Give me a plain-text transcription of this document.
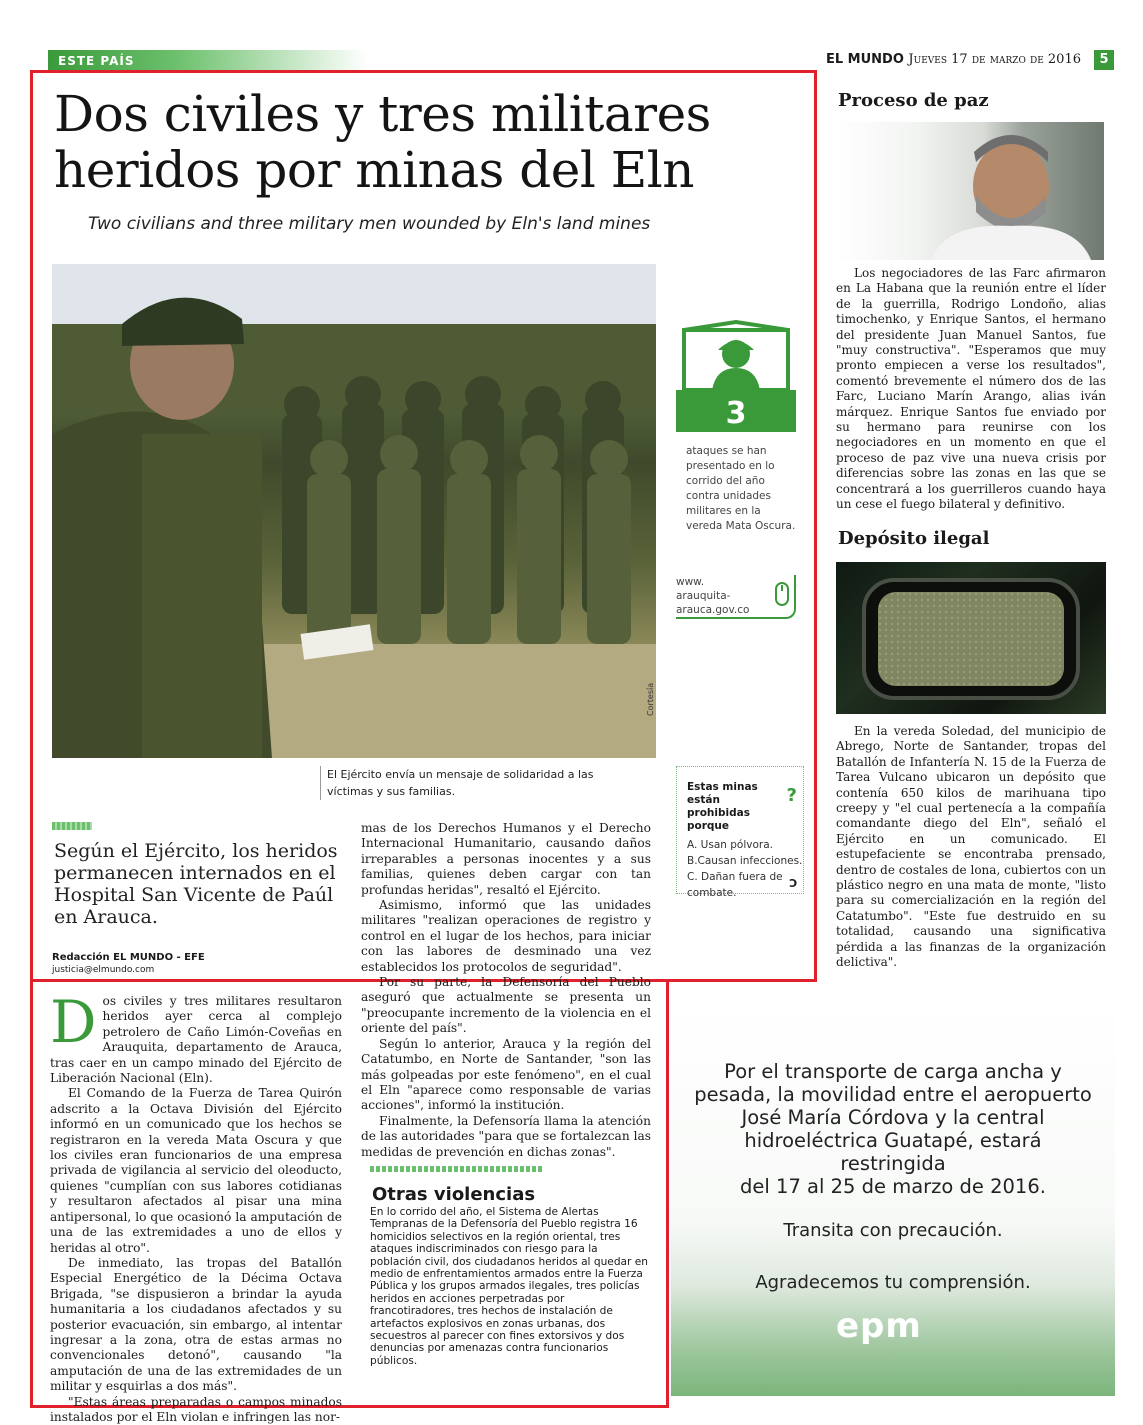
ESTE PAÍS	EL MUNDO Jueves 17 de marzo de 2016	5
Dos civiles y tres militares
heridos por minas del Eln
Two civilians and three military men wounded by Eln's land mines
Cortesía
El Ejército envía un mensaje de solidaridad a las víctimas y sus familias.
3
ataques se han presentado en lo corrido del año contra unidades militares en la vereda Mata Oscura.
www. arauquita- arauca.gov.co
?
Estas minas están prohibidas porque

A. Usan pólvora.

B.Causan infecciones.

C. Dañan fuera de combate.

C
Según el Ejército, los heridos permanecen internados en el Hospital San Vicente de Paúl en Arauca.
Redacción EL MUNDO - EFE
justicia@elmundo.com

Dos civiles y tres militares resultaron heridos ayer cerca al complejo petrolero de Caño Limón-Coveñas en Arauquita, departamento de Arauca, tras caer en un campo minado del Ejército de Liberación Nacional (Eln).

El Comando de la Fuerza de Tarea Quirón adscrito a la Octava División del Ejército informó en un comunicado que los hechos se registraron en la vereda Mata Oscura y que los civiles eran funcionarios de una empresa privada de vigilancia al servicio del oleoducto, quienes "cumplían con sus labores cotidianas y resultaron afectados al pisar una mina antipersonal, lo que ocasionó la amputación de una de las extremidades a uno de ellos y heridas al otro".

De inmediato, las tropas del Batallón Especial Energético de la Décima Octava Brigada, "se dispusieron a brindar la ayuda humanitaria a los ciudadanos afectados y su posterior evacuación, sin embargo, al intentar ingresar a la zona, otra de estas armas no convencionales detonó", causando "la amputación de una de las extremidades de un militar y esquirlas a dos más".

"Estas áreas preparadas o campos minados instalados por el Eln violan e infringen las nor-

mas de los Derechos Humanos y el Derecho Internacional Humanitario, causando daños irreparables a personas inocentes y a sus familias, quienes deben cargar con tan profundas heridas", resaltó el Ejército.

Asimismo, informó que las unidades militares "realizan operaciones de registro y control en el lugar de los hechos, para iniciar con las labores de desminado una vez establecidos los protocolos de seguridad".

Por su parte, la Defensoría del Pueblo aseguró que actualmente se presenta un "preocupante incremento de la violencia en el oriente del país".

Según lo anterior, Arauca y la región del Catatumbo, en Norte de Santander, "son las más golpeadas por este fenómeno", en el cual el Eln "aparece como responsable de varias acciones", informó la institución.

Finalmente, la Defensoría llama la atención de las autoridades "para que se fortalezcan las medidas de prevención en dichas zonas".

Otras violencias
En lo corrido del año, el Sistema de Alertas Tempranas de la Defensoría del Pueblo registra 16 homicidios selectivos en la región oriental, tres ataques indiscriminados con riesgo para la población civil, dos ciudadanos heridos al quedar en medio de enfrentamientos armados entre la Fuerza Pública y los grupos armados ilegales, tres policías heridos en acciones perpetradas por francotiradores, tres hechos de instalación de artefactos explosivos en zonas urbanas, dos secuestros al parecer con fines extorsivos y dos denuncias por amenazas contra funcionarios públicos.
Proceso de paz

Los negociadores de las Farc afirmaron en La Habana que la reunión entre el líder de la guerrilla, Rodrigo Londoño, alias timochenko, y Enrique Santos, el hermano del presidente Juan Manuel Santos, fue "muy constructiva". "Esperamos que muy pronto empiecen a verse los resultados", comentó brevemente el número dos de las Farc, Luciano Marín Arango, alias iván márquez. Enrique Santos fue enviado por su hermano para reunirse con los negociadores en un momento en que el proceso de paz vive una nueva crisis por diferencias sobre las zonas en las que se concentrará a los guerrilleros cuando haya un cese el fuego bilateral y definitivo.

Depósito ilegal

En la vereda Soledad, del municipio de Abrego, Norte de Santander, tropas del Batallón de Infantería N. 15 de la Fuerza de Tarea Vulcano ubicaron un depósito que contenía 650 kilos de marihuana tipo creepy y "el cual pertenecía a la compañía comandante diego del Eln", señaló el Ejército en un comunicado. El estupefaciente se encontraba prensado, dentro de costales de lona, cubiertos con un plástico negro en una mata de monte, "listo para su comercialización en la región del Catatumbo". "Este fue destruido en su totalidad, causando una significativa pérdida a las finanzas de la organización delictiva".

Por el transporte de carga ancha y
pesada, la movilidad entre el aeropuerto
José María Córdova y la central
hidroeléctrica Guatapé, estará restringida
del 17 al 25 de marzo de 2016.
Transita con precaución.
Agradecemos tu comprensión.
epm
